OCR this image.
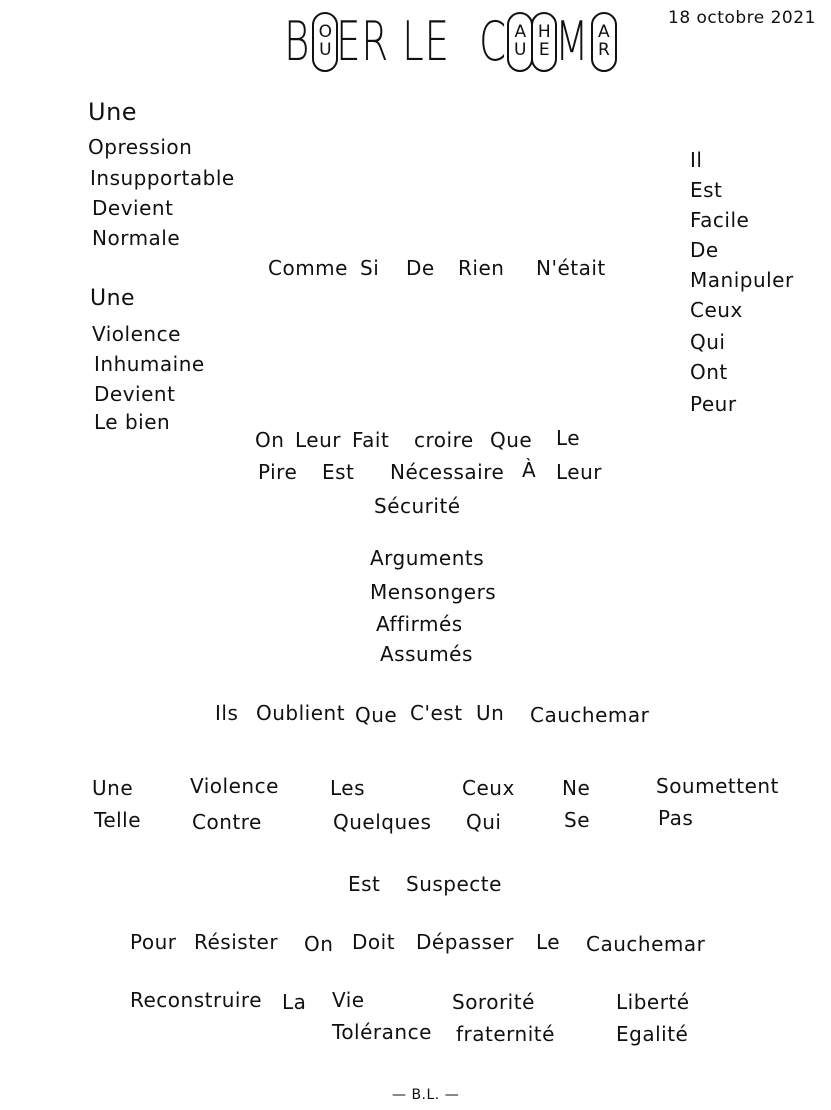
18 octobre 2021
B O
U ER LE C A
U
H
E M A
R
Une
Opression
Insupportable
Devient
Normale
Une
Violence
Inhumaine
Devient
Le bien
Il
Est
Facile
De
Manipuler
Ceux
Qui
Ont
Peur
Comme Si De Rien N'était
On Leur Fait croire Que Le
Pire Est Nécessaire À Leur
Sécurité
Arguments
Mensongers
Affirmés
Assumés
Ils Oublient Que C'est Un Cauchemar
Une
Telle
Violence
Contre
Les
Quelques
Ceux
Qui
Ne
Se
Soumettent
Pas
Est Suspecte
Pour Résister On Doit Dépasser Le Cauchemar
Reconstruire La Vie
Tolérance
Sororité
fraternité
Liberté
Egalité
— B.L. —
